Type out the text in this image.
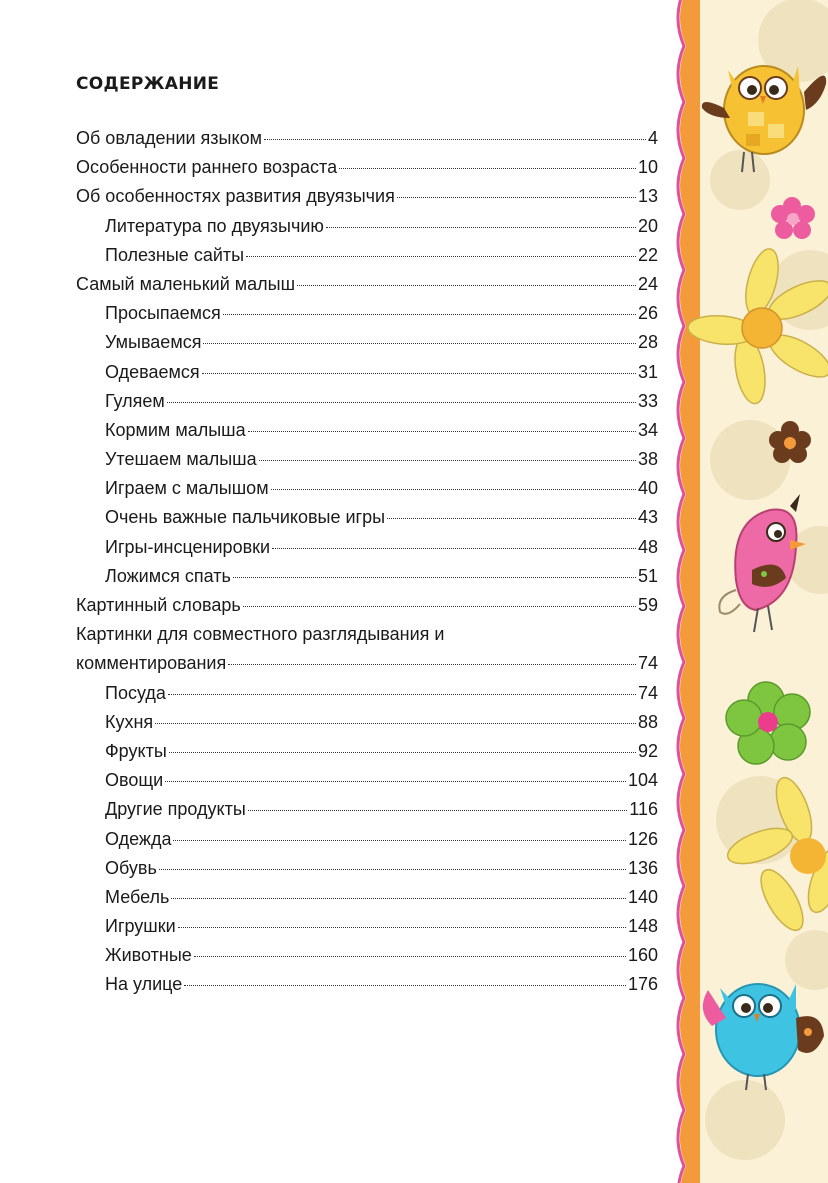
СОДЕРЖАНИЕ
Об овладении языком	4
Особенности раннего возраста	10
Об особенностях развития двуязычия	13
Литература по двуязычию	20
Полезные сайты	22
Самый маленький малыш	24
Просыпаемся	26
Умываемся	28
Одеваемся	31
Гуляем	33
Кормим малыша	34
Утешаем малыша	38
Играем с малышом	40
Очень важные пальчиковые игры	43
Игры-инсценировки	48
Ложимся спать	51
Картинный словарь	59
Картинки для совместного разглядывания и
комментирования	74
Посуда	74
Кухня	88
Фрукты	92
Овощи	104
Другие продукты	116
Одежда	126
Обувь	136
Мебель	140
Игрушки	148
Животные	160
На улице	176
